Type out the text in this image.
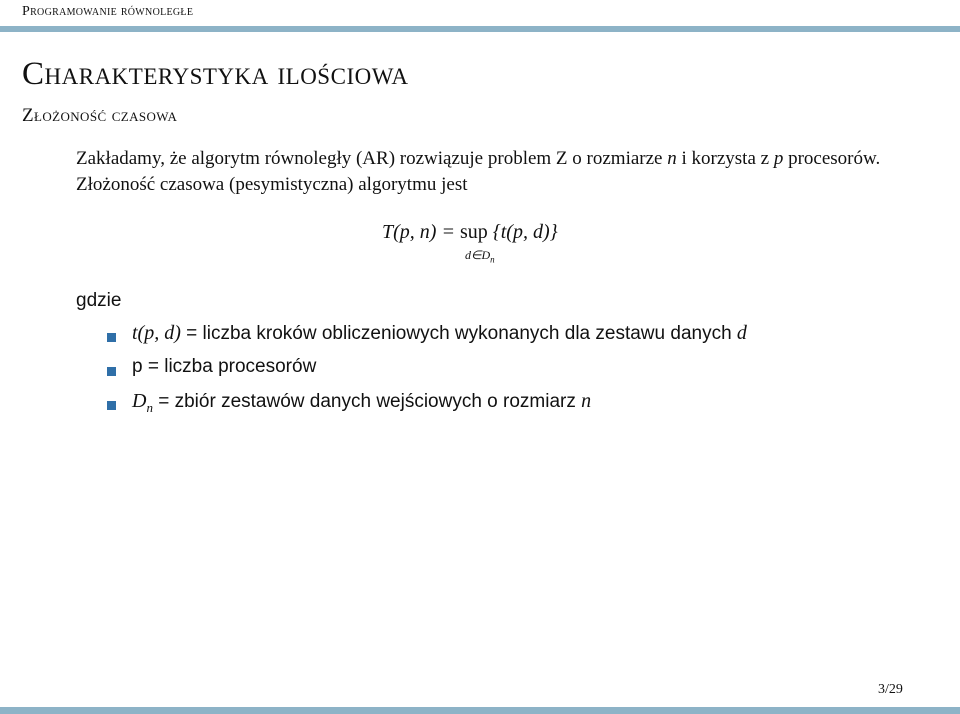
Programowanie równoległe
Charakterystyka ilościowa
Złożoność czasowa
Zakładamy, że algorytm równoległy (AR) rozwiązuje problem Z o rozmiarze n i korzysta z p procesorów. Złożoność czasowa (pesymistyczna) algorytmu jest
T(p, n) = sup {t(p, d)}
$d\in D_n$
gdzie
t(p, d) = liczba kroków obliczeniowych wykonanych dla zestawu danych d
p = liczba procesorów
$D_n$ = zbiór zestawów danych wejściowych o rozmiarz n
3/29
